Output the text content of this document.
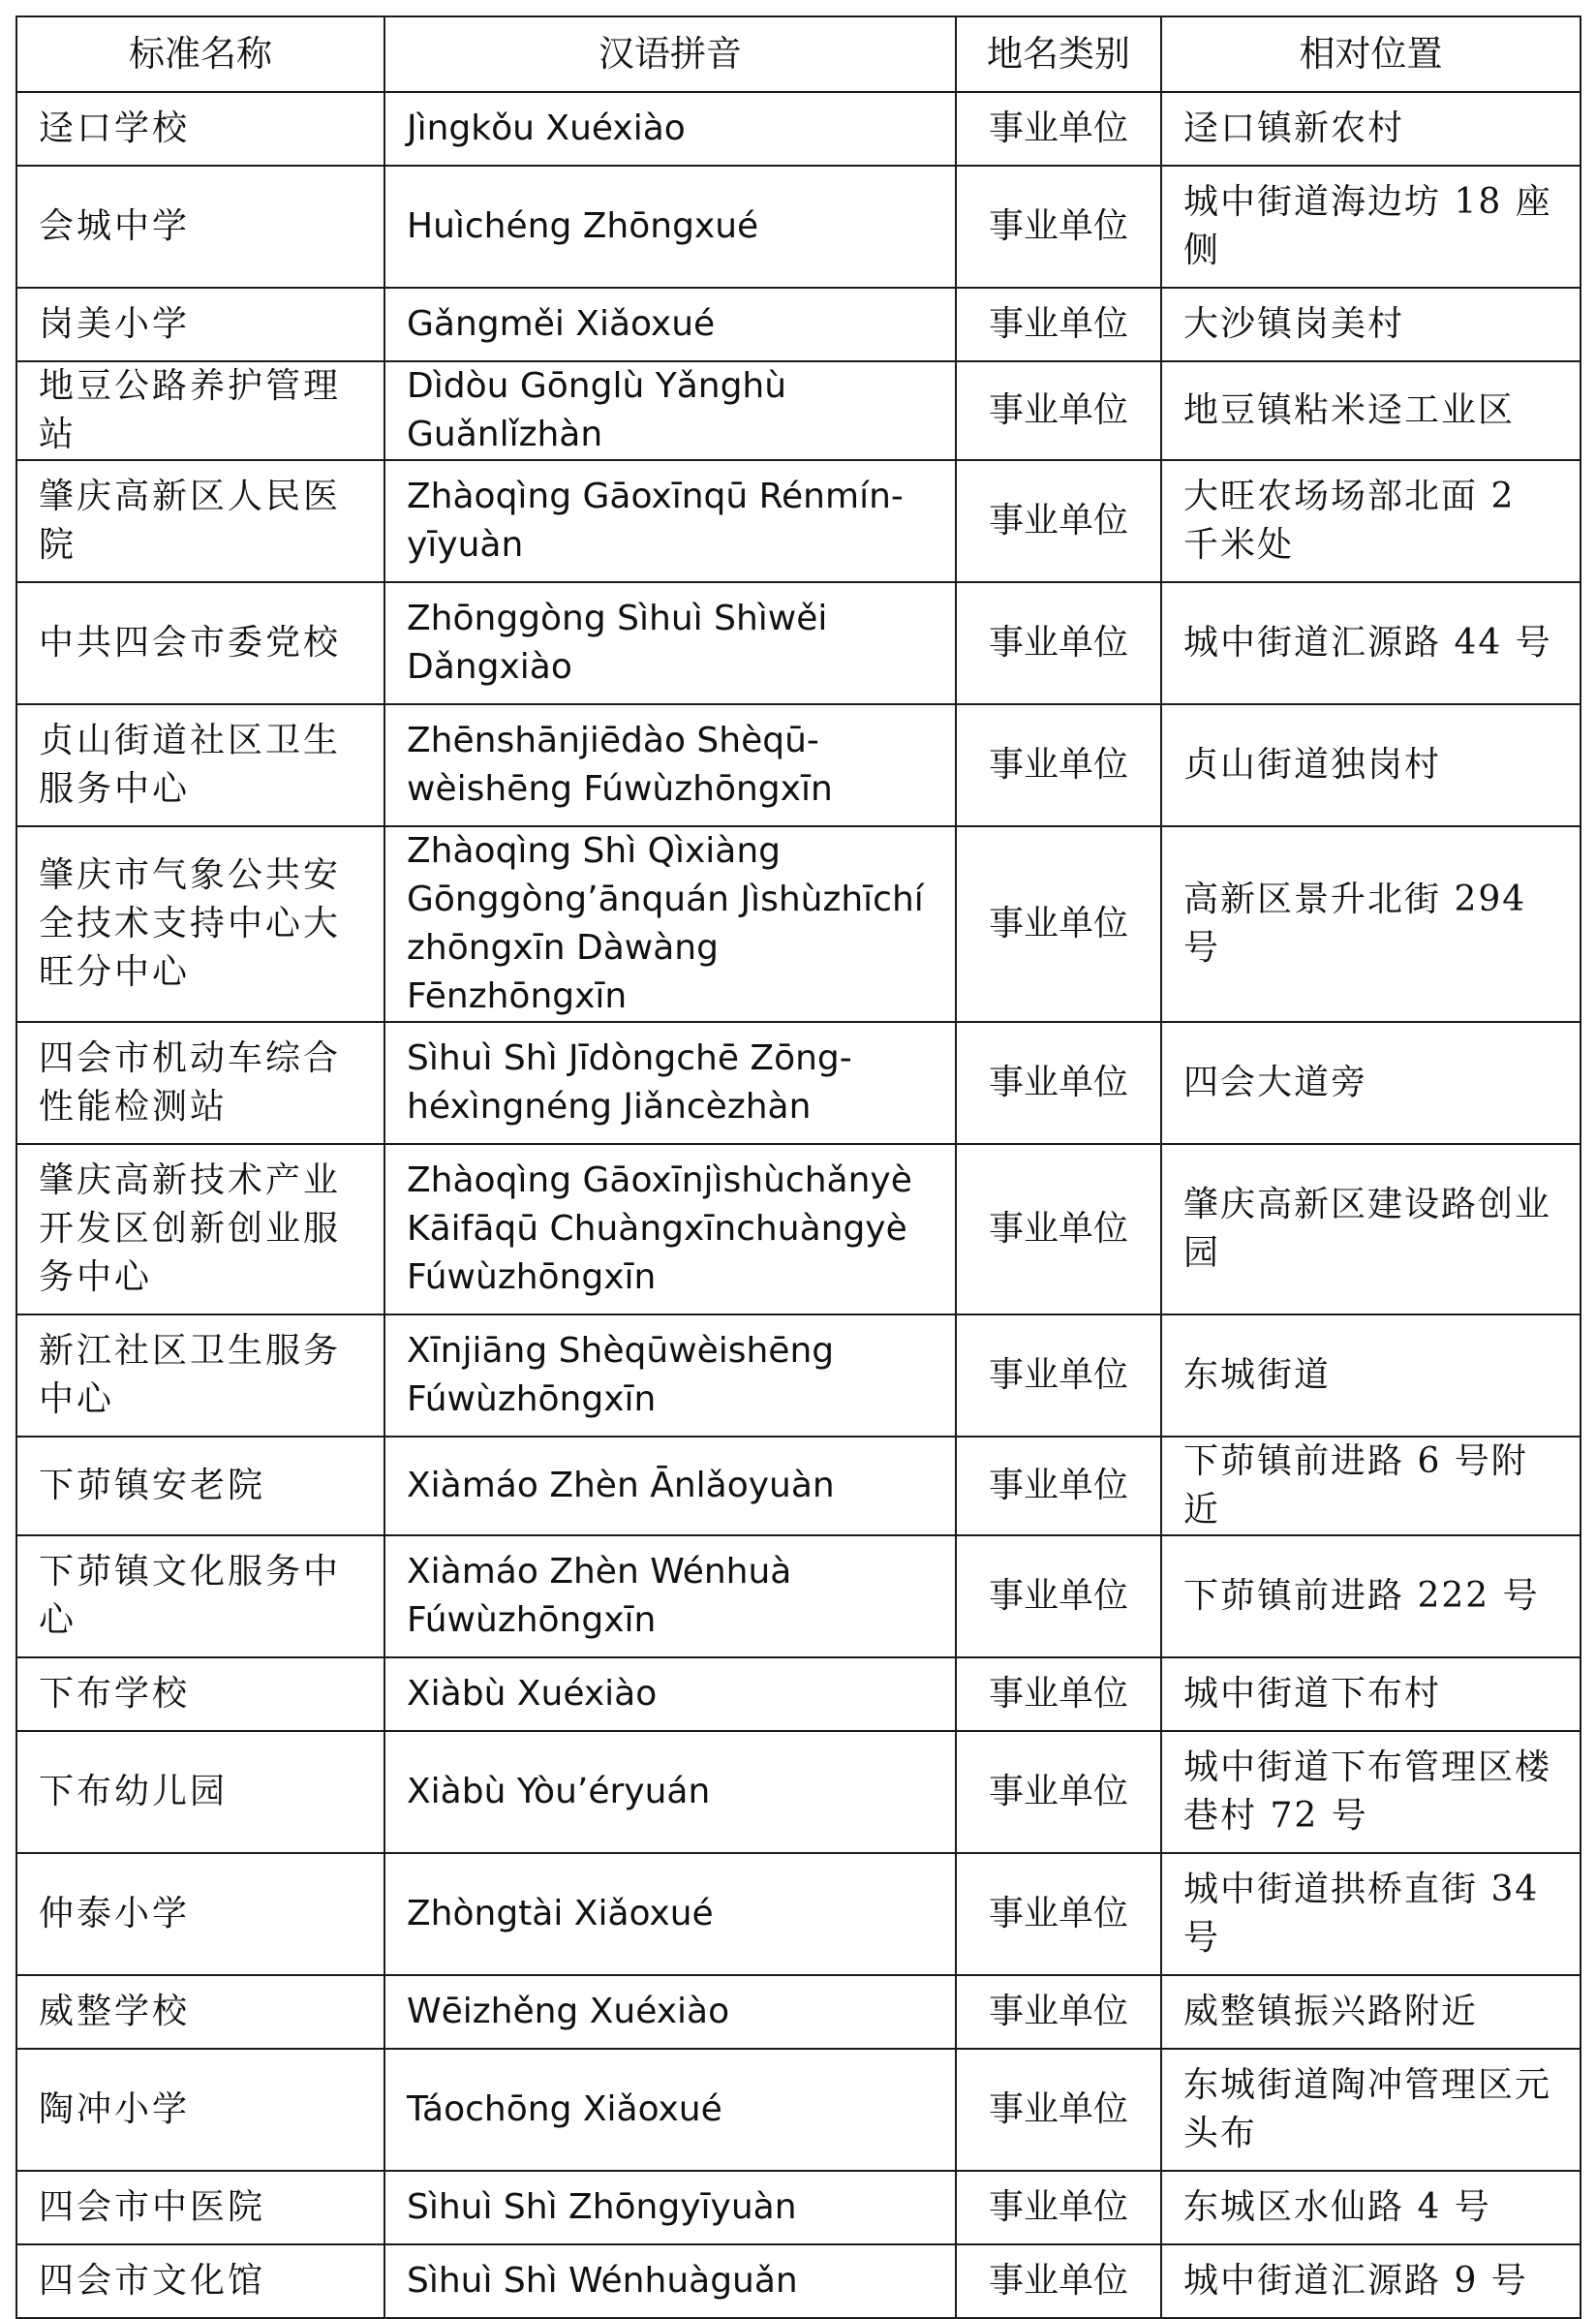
标准名称	汉语拼音	地名类别	相对位置
迳口学校	Jìngkǒu Xuéxiào	事业单位	迳口镇新农村
会城中学	Huìchéng Zhōngxué	事业单位	城中街道海边坊 18 座侧
岗美小学	Gǎngměi Xiǎoxué	事业单位	大沙镇岗美村
地豆公路养护管理站	Dìdòu Gōnglù Yǎnghù Guǎnlǐzhàn	事业单位	地豆镇粘米迳工业区
肇庆高新区人民医院	Zhàoqìng Gāoxīnqū Rénmín-yīyuàn	事业单位	大旺农场场部北面 2 千米处
中共四会市委党校	Zhōnggòng Sìhuì Shìwěi Dǎngxiào	事业单位	城中街道汇源路 44 号
贞山街道社区卫生服务中心	Zhēnshānjiēdào Shèqū-wèishēng Fúwùzhōngxīn	事业单位	贞山街道独岗村
肇庆市气象公共安全技术支持中心大旺分中心	Zhàoqìng Shì Qìxiàng Gōnggòng’ānquán Jìshùzhīchí zhōngxīn Dàwàng Fēnzhōngxīn	事业单位	高新区景升北街 294 号
四会市机动车综合性能检测站	Sìhuì Shì Jīdòngchē Zōng-héxìngnéng Jiǎncèzhàn	事业单位	四会大道旁
肇庆高新技术产业开发区创新创业服务中心	Zhàoqìng Gāoxīnjìshùchǎnyè Kāifāqū Chuàngxīnchuàngyè Fúwùzhōngxīn	事业单位	肇庆高新区建设路创业园
新江社区卫生服务中心	Xīnjiāng Shèqūwèishēng Fúwùzhōngxīn	事业单位	东城街道
下茆镇安老院	Xiàmáo Zhèn Ānlǎoyuàn	事业单位	下茆镇前进路 6 号附近
下茆镇文化服务中心	Xiàmáo Zhèn Wénhuà Fúwùzhōngxīn	事业单位	下茆镇前进路 222 号
下布学校	Xiàbù Xuéxiào	事业单位	城中街道下布村
下布幼儿园	Xiàbù Yòu’éryuán	事业单位	城中街道下布管理区楼巷村 72 号
仲泰小学	Zhòngtài Xiǎoxué	事业单位	城中街道拱桥直街 34 号
威整学校	Wēizhěng Xuéxiào	事业单位	威整镇振兴路附近
陶冲小学	Táochōng Xiǎoxué	事业单位	东城街道陶冲管理区元头布
四会市中医院	Sìhuì Shì Zhōngyīyuàn	事业单位	东城区水仙路 4 号
四会市文化馆	Sìhuì Shì Wénhuàguǎn	事业单位	城中街道汇源路 9 号
